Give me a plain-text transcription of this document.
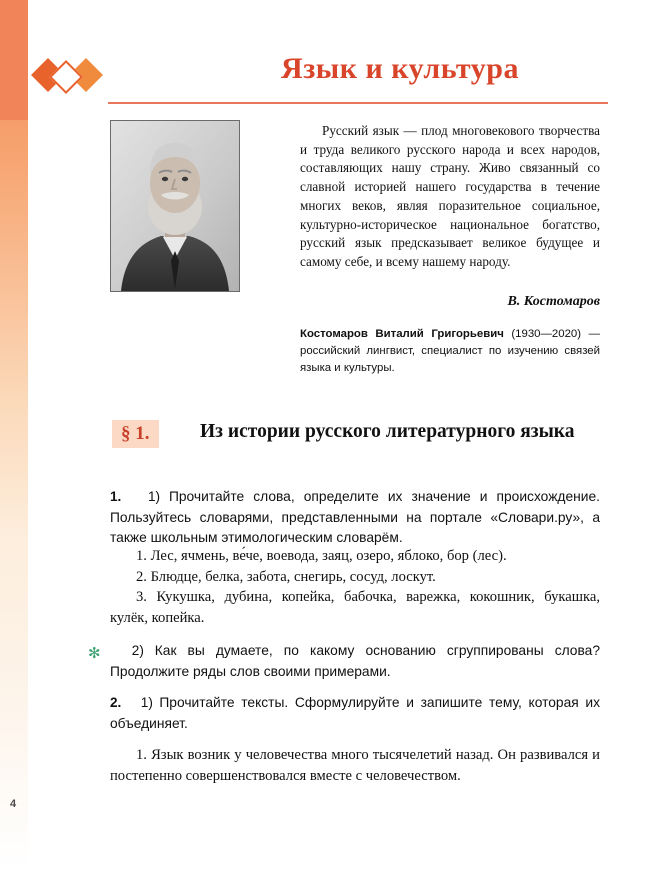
4
Язык и культура
Русский язык — плод многовекового творчества и труда великого русского народа и всех народов, составляющих нашу страну. Живо связанный со славной историей нашего государства в течение многих веков, являя поразительное социальное, культурно-историческое национальное богатство, русский язык предсказывает великое будущее и самому себе, и всему нашему народу.
В. Костомаров
Костомаров Виталий Григорьевич (1930—2020) — российский лингвист, специалист по изучению связей языка и культуры.
§ 1.	Из истории русского литературного языка
1. 1) Прочитайте слова, определите их значение и происхождение. Пользуйтесь словарями, представленными на портале «Словари.ру», а также школьным этимологическим словарём.
1. Лес, ячмень, ве́че, воевода, заяц, озеро, яблоко, бор (лес).
2. Блюдце, белка, забота, снегирь, сосуд, лоскут.
3. Кукушка, дубина, копейка, бабочка, варежка, кокошник, букашка, кулёк, копейка.
✻	2) Как вы думаете, по какому основанию сгруппированы слова? Продолжите ряды слов своими примерами.
2. 1) Прочитайте тексты. Сформулируйте и запишите тему, которая их объединяет.
1. Язык возник у человечества много тысячелетий назад. Он развивался и постепенно совершенствовался вместе с человечеством.
